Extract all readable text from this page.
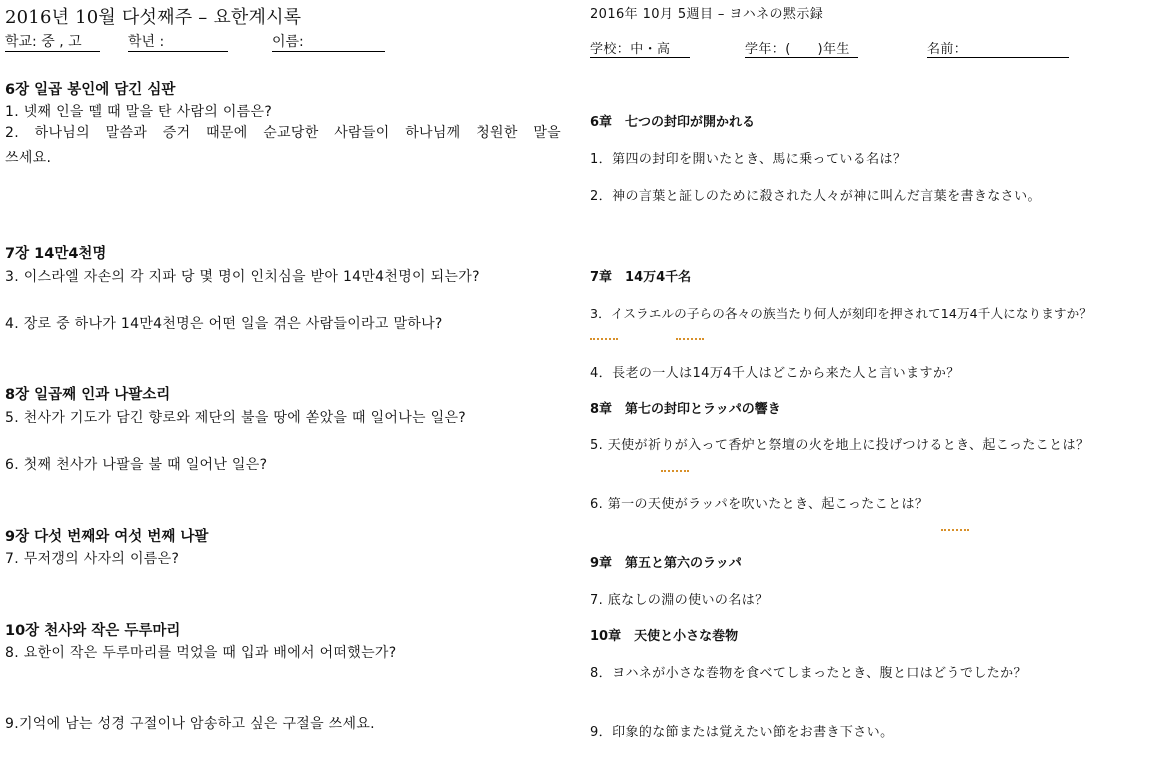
2016년 10월 다섯째주 – 요한계시록
학교: 중 , 고	학년 :	이름:
6장 일곱 봉인에 담긴 심판
1. 넷째 인을 뗄 때 말을 탄 사람의 이름은?
2. 하나님의 말씀과 증거 때문에 순교당한 사람들이 하나님께 청원한 말을
쓰세요.
7장 14만4천명
3. 이스라엘 자손의 각 지파 당 몇 명이 인치심을 받아 14만4천명이 되는가?
4. 장로 중 하나가 14만4천명은 어떤 일을 겪은 사람들이라고 말하나?
8장 일곱째 인과 나팔소리
5. 천사가 기도가 담긴 향로와 제단의 불을 땅에 쏟았을 때 일어나는 일은?
6. 첫째 천사가 나팔을 불 때 일어난 일은?
9장 다섯 번째와 여섯 번째 나팔
7. 무저갱의 사자의 이름은?
10장 천사와 작은 두루마리
8. 요한이 작은 두루마리를 먹었을 때 입과 배에서 어떠했는가?
9.기억에 남는 성경 구절이나 암송하고 싶은 구절을 쓰세요.
2016年 10月 5週目 – ヨハネの黙示録
学校：中・高	学年：(　　)年生	名前：
6章　七つの封印が開かれる
1．第四の封印を開いたとき、馬に乗っている名は？
2．神の言葉と証しのために殺された人々が神に叫んだ言葉を書きなさい。
7章　14万4千名
3．イスラエルの子らの各々の族当たり何人が刻印を押されて14万4千人になりますか？
4．長老の一人は14万4千人はどこから来た人と言いますか？
8章　第七の封印とラッパの響き
5. 天使が祈りが入って香炉と祭壇の火を地上に投げつけるとき、起こったことは？
6. 第一の天使がラッパを吹いたとき、起こったことは？
9章　第五と第六のラッパ
7. 底なしの淵の使いの名は？
10章　天使と小さな巻物
8．ヨハネが小さな巻物を食べてしまったとき、腹と口はどうでしたか？
9．印象的な節または覚えたい節をお書き下さい。
